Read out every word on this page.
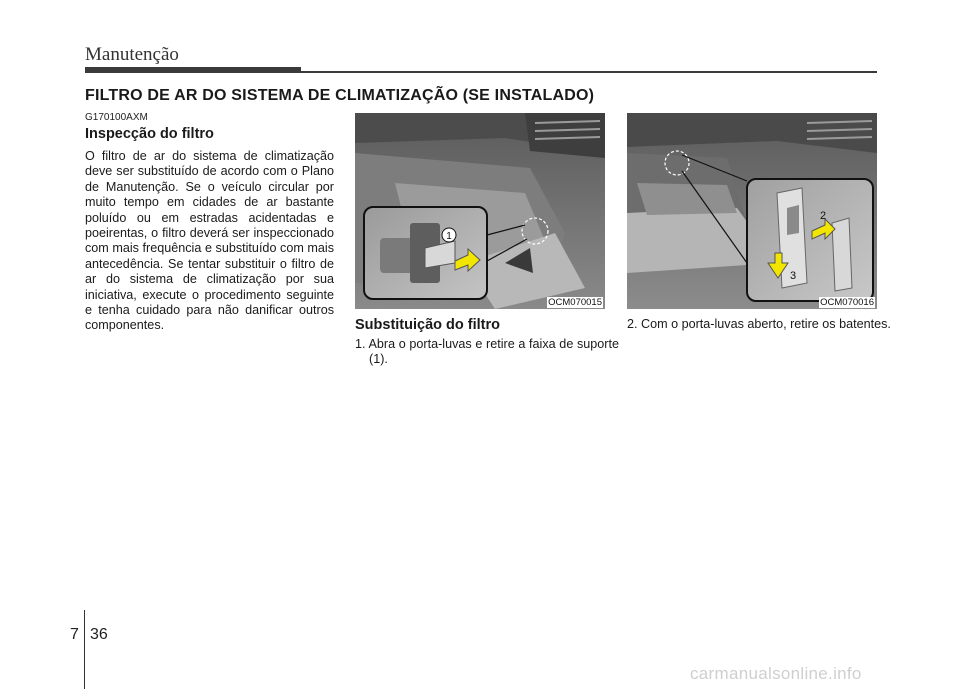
Manutenção
FILTRO DE AR DO SISTEMA DE CLIMATIZAÇÃO (SE INSTALADO)
G170100AXM
Inspecção do filtro
O filtro de ar do sistema de climatização deve ser substituído de acordo com o Plano de Manutenção. Se o veículo circular por muito tempo em cidades de ar bastante poluído ou em estradas acidentadas e poeirentas, o filtro deverá ser inspeccionado com mais frequência e substituído com mais antecedência. Se tentar substituir o filtro de ar do sistema de climatização por sua iniciativa, execute o procedimento seguinte e tenha cuidado para não danificar outros componentes.
1
OCM070015
Substituição do filtro
1. Abra o porta-luvas e retire a faixa de suporte (1).
2
3
OCM070016
2. Com o porta-luvas aberto, retire os batentes.
7 36
carmanualsonline.info
